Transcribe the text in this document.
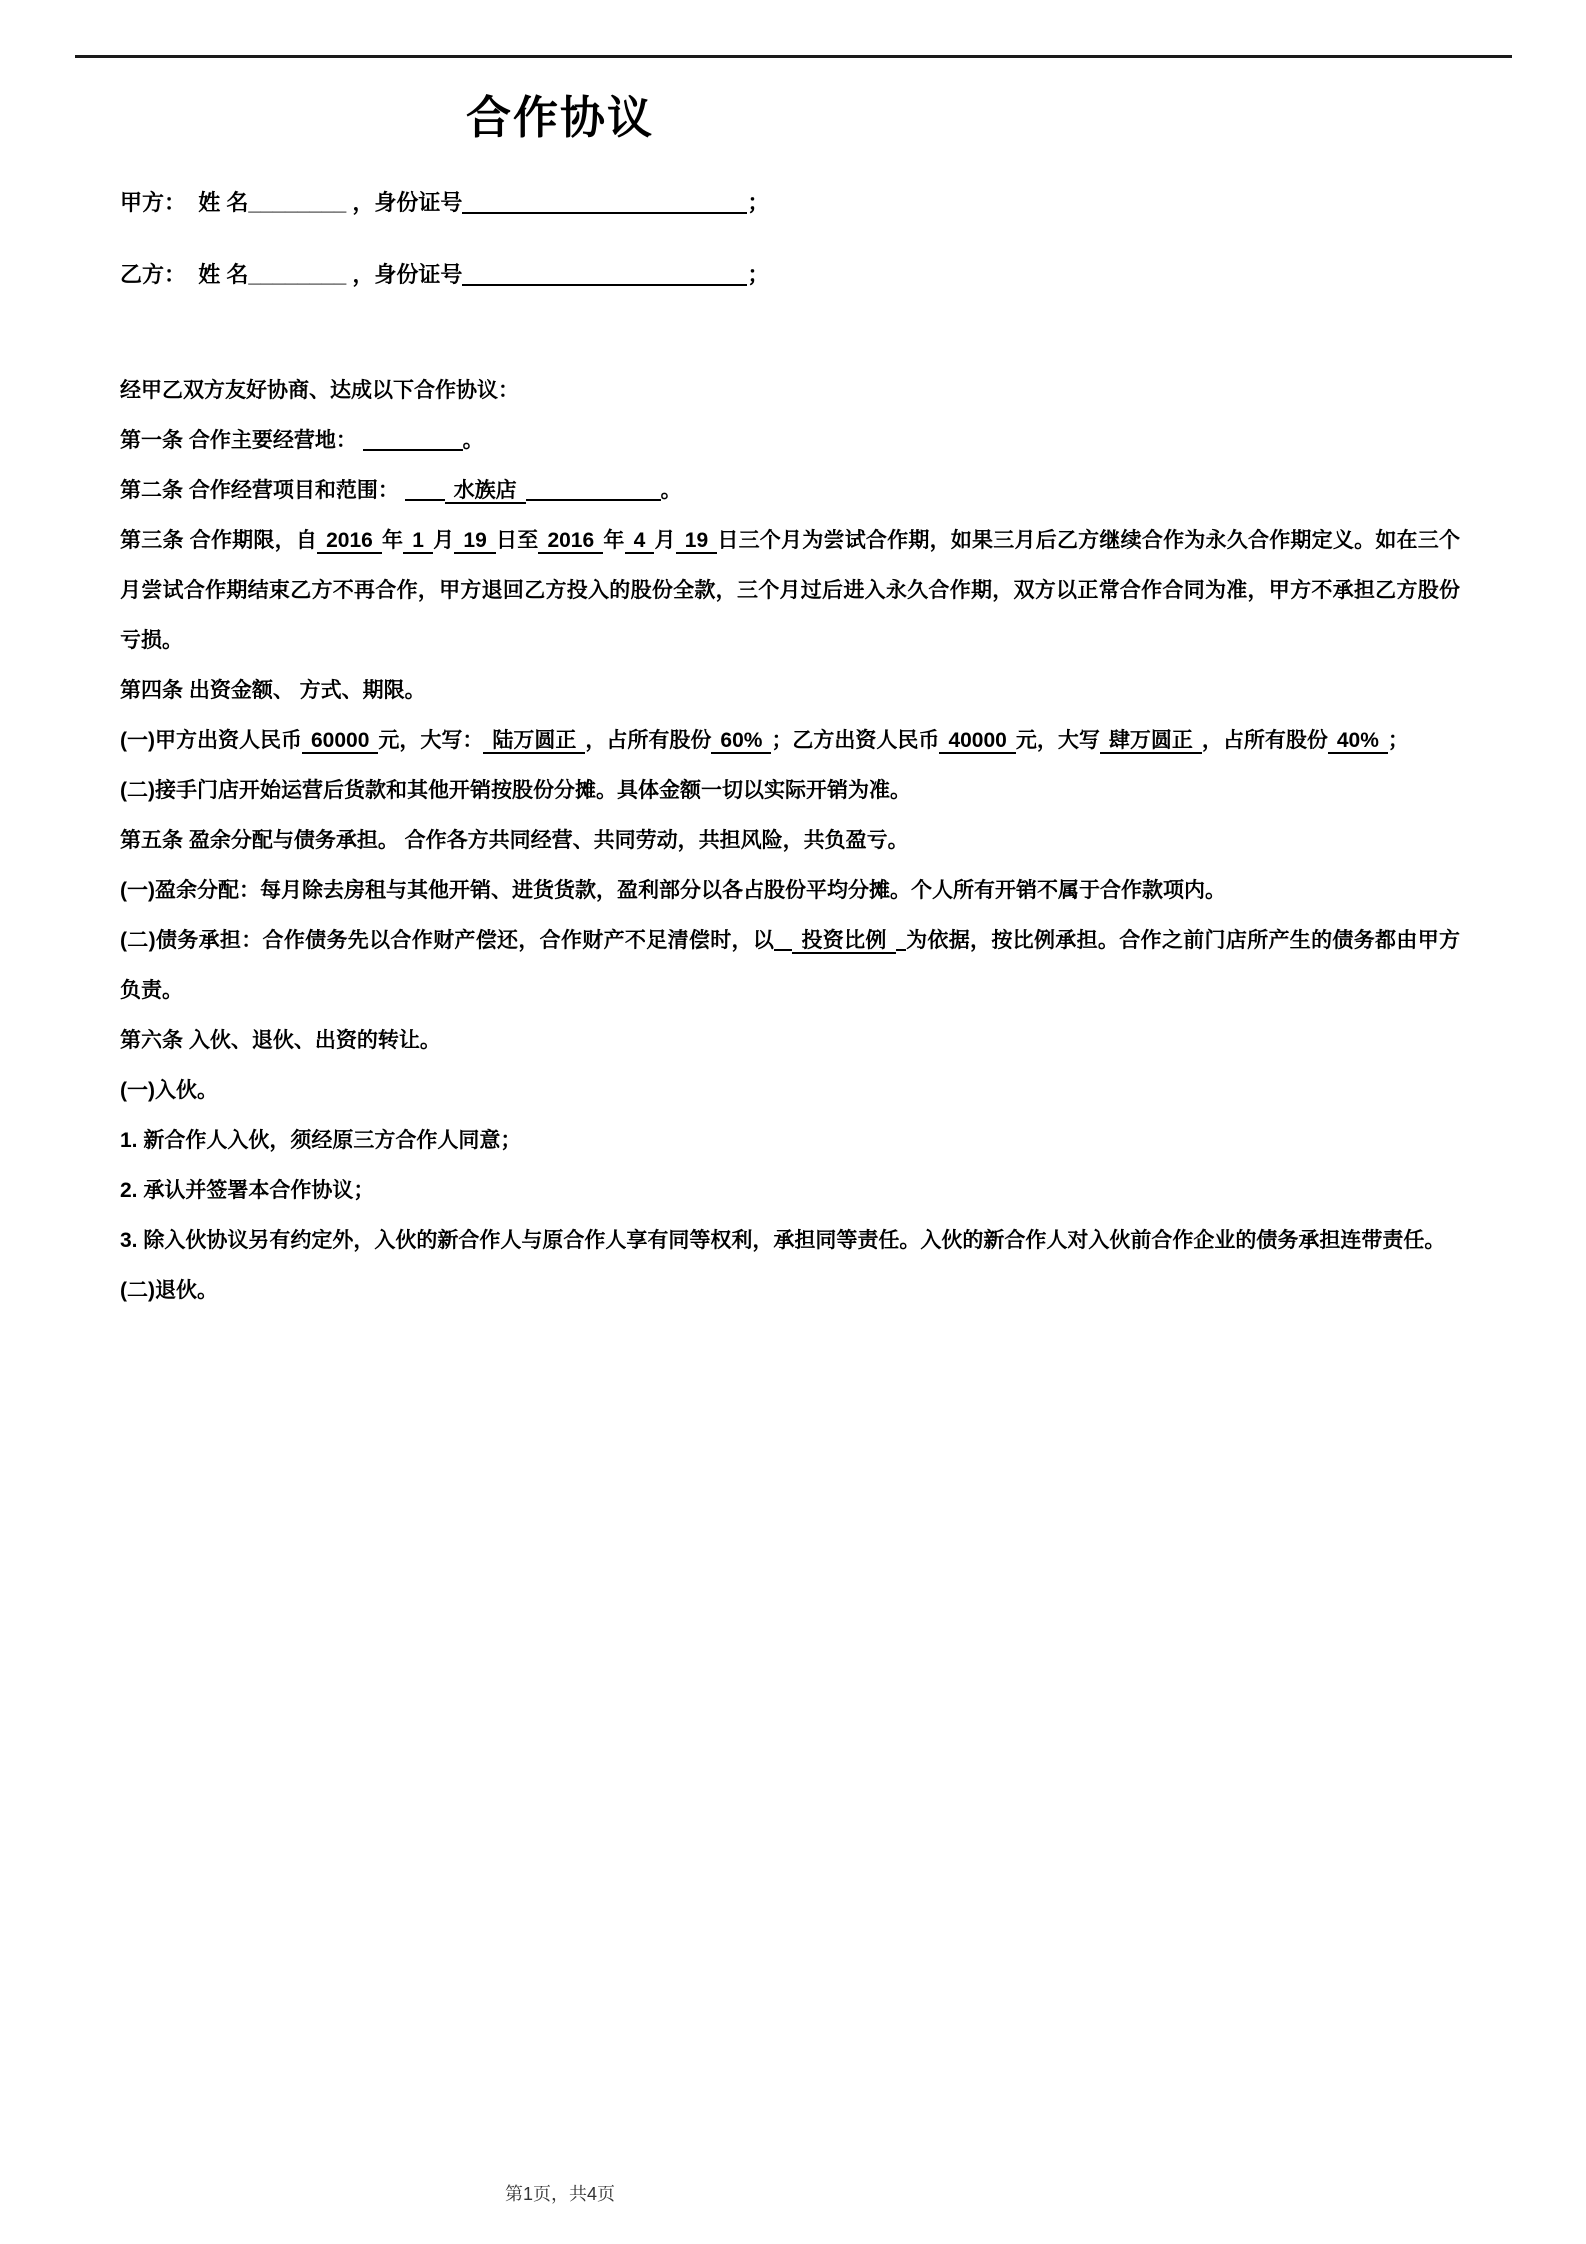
合作协议

甲方：  姓 名________ ，身份证号	；

乙方：  姓 名________ ，身份证号	；

经甲乙双方友好协商、达成以下合作协议：

第一条 合作主要经营地：	。

第二条 合作经营项目和范围： 水族店	。

第三条 合作期限，自 2016 年 1 月 19 日至 2016 年 4 月 19 日三个月为尝试合作期，如果三月后乙方继续合作为永久合作期定义。如在三个月尝试合作期结束乙方不再合作，甲方退回乙方投入的股份全款，三个月过后进入永久合作期，双方以正常合作合同为准，甲方不承担乙方股份亏损。

第四条 出资金额、 方式、期限。

(一)甲方出资人民币 60000 元，大写： 陆万圆正 ，占所有股份 60% ；乙方出资人民币 40000 元，大写 肆万圆正 ，占所有股份 40% ；

(二)接手门店开始运营后货款和其他开销按股份分摊。具体金额一切以实际开销为准。

第五条 盈余分配与债务承担。 合作各方共同经营、共同劳动，共担风险，共负盈亏。

(一)盈余分配：每月除去房租与其他开销、进货货款，盈利部分以各占股份平均分摊。个人所有开销不属于合作款项内。

(二)债务承担：合作债务先以合作财产偿还，合作财产不足清偿时，以 投资比例 为依据，按比例承担。合作之前门店所产生的债务都由甲方负责。

第六条 入伙、退伙、出资的转让。

(一)入伙。

1. 新合作人入伙，须经原三方合作人同意；

2. 承认并签署本合作协议；

3. 除入伙协议另有约定外，入伙的新合作人与原合作人享有同等权利，承担同等责任。入伙的新合作人对入伙前合作企业的债务承担连带责任。

(二)退伙。

第1页，共4页
